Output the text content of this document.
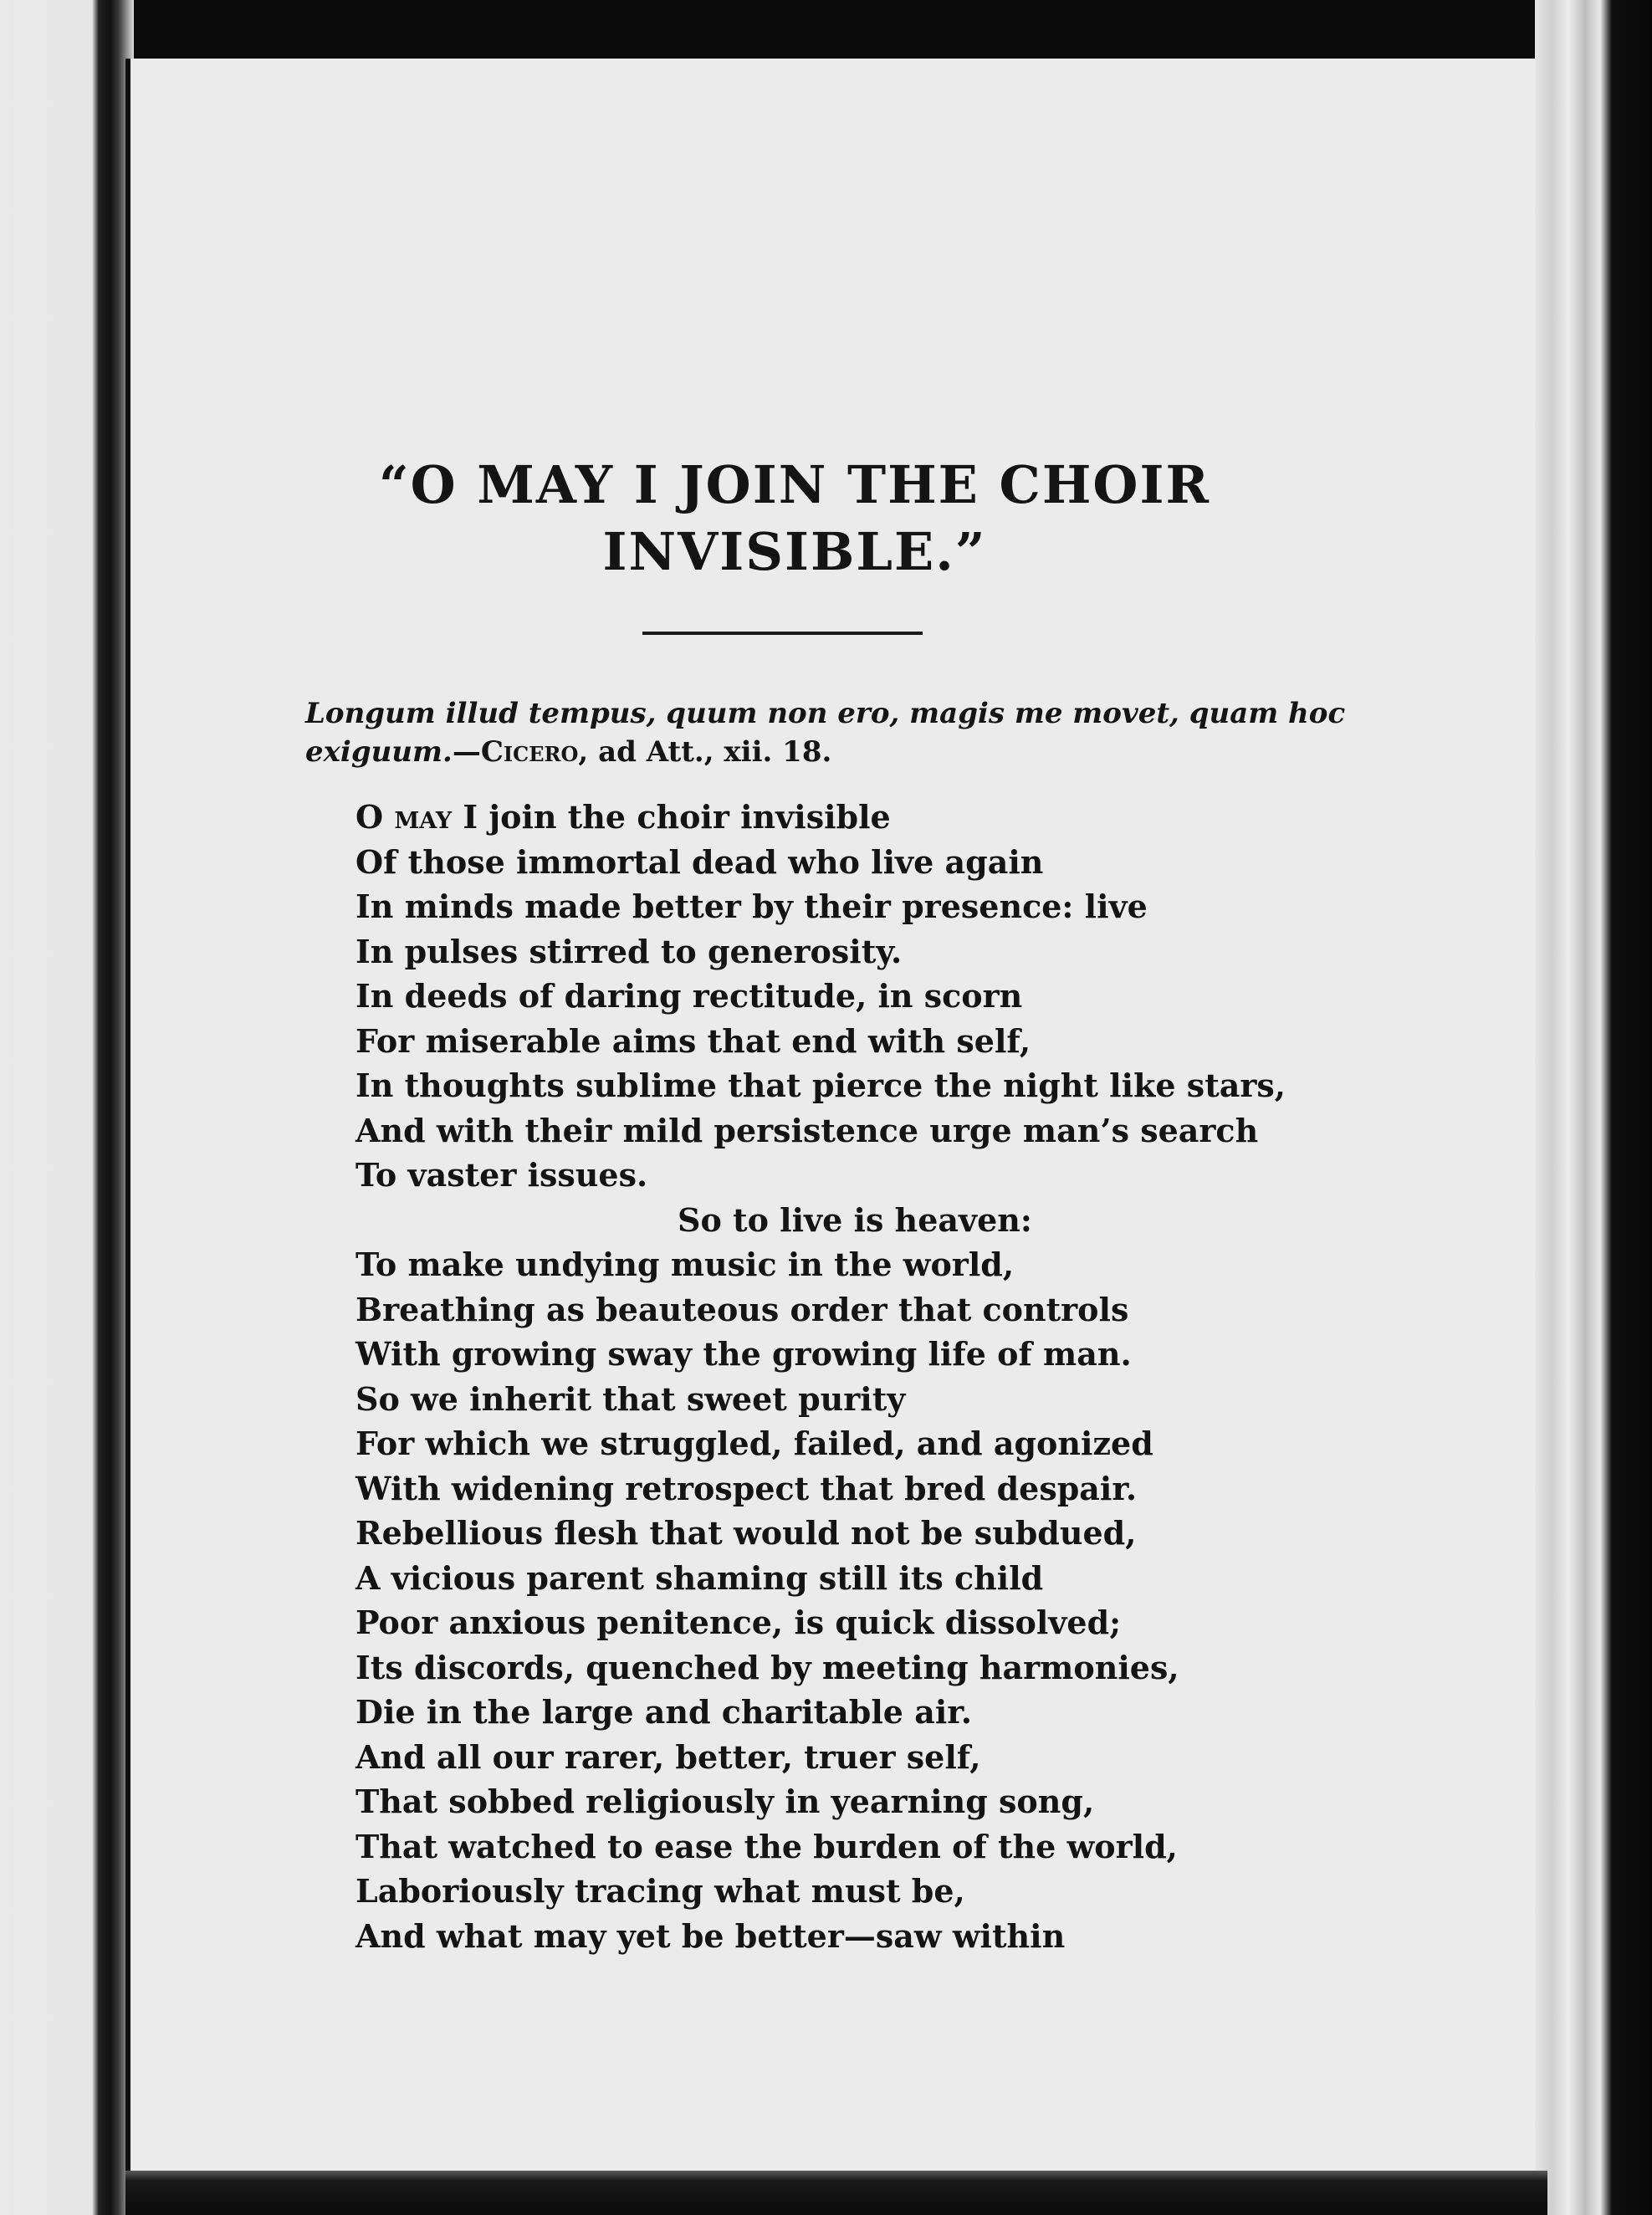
“O MAY I JOIN THE CHOIR
INVISIBLE.”
Longum illud tempus, quum non ero, magis me movet, quam hoc
exiguum.—Cicero, ad Att., xii. 18.
O may I join the choir invisible
Of those immortal dead who live again
In minds made better by their presence: live
In pulses stirred to generosity.
In deeds of daring rectitude, in scorn
For miserable aims that end with self,
In thoughts sublime that pierce the night like stars,
And with their mild persistence urge man’s search
To vaster issues.
So to live is heaven:
To make undying music in the world,
Breathing as beauteous order that controls
With growing sway the growing life of man.
So we inherit that sweet purity
For which we struggled, failed, and agonized
With widening retrospect that bred despair.
Rebellious flesh that would not be subdued,
A vicious parent shaming still its child
Poor anxious penitence, is quick dissolved;
Its discords, quenched by meeting harmonies,
Die in the large and charitable air.
And all our rarer, better, truer self,
That sobbed religiously in yearning song,
That watched to ease the burden of the world,
Laboriously tracing what must be,
And what may yet be better—saw within
